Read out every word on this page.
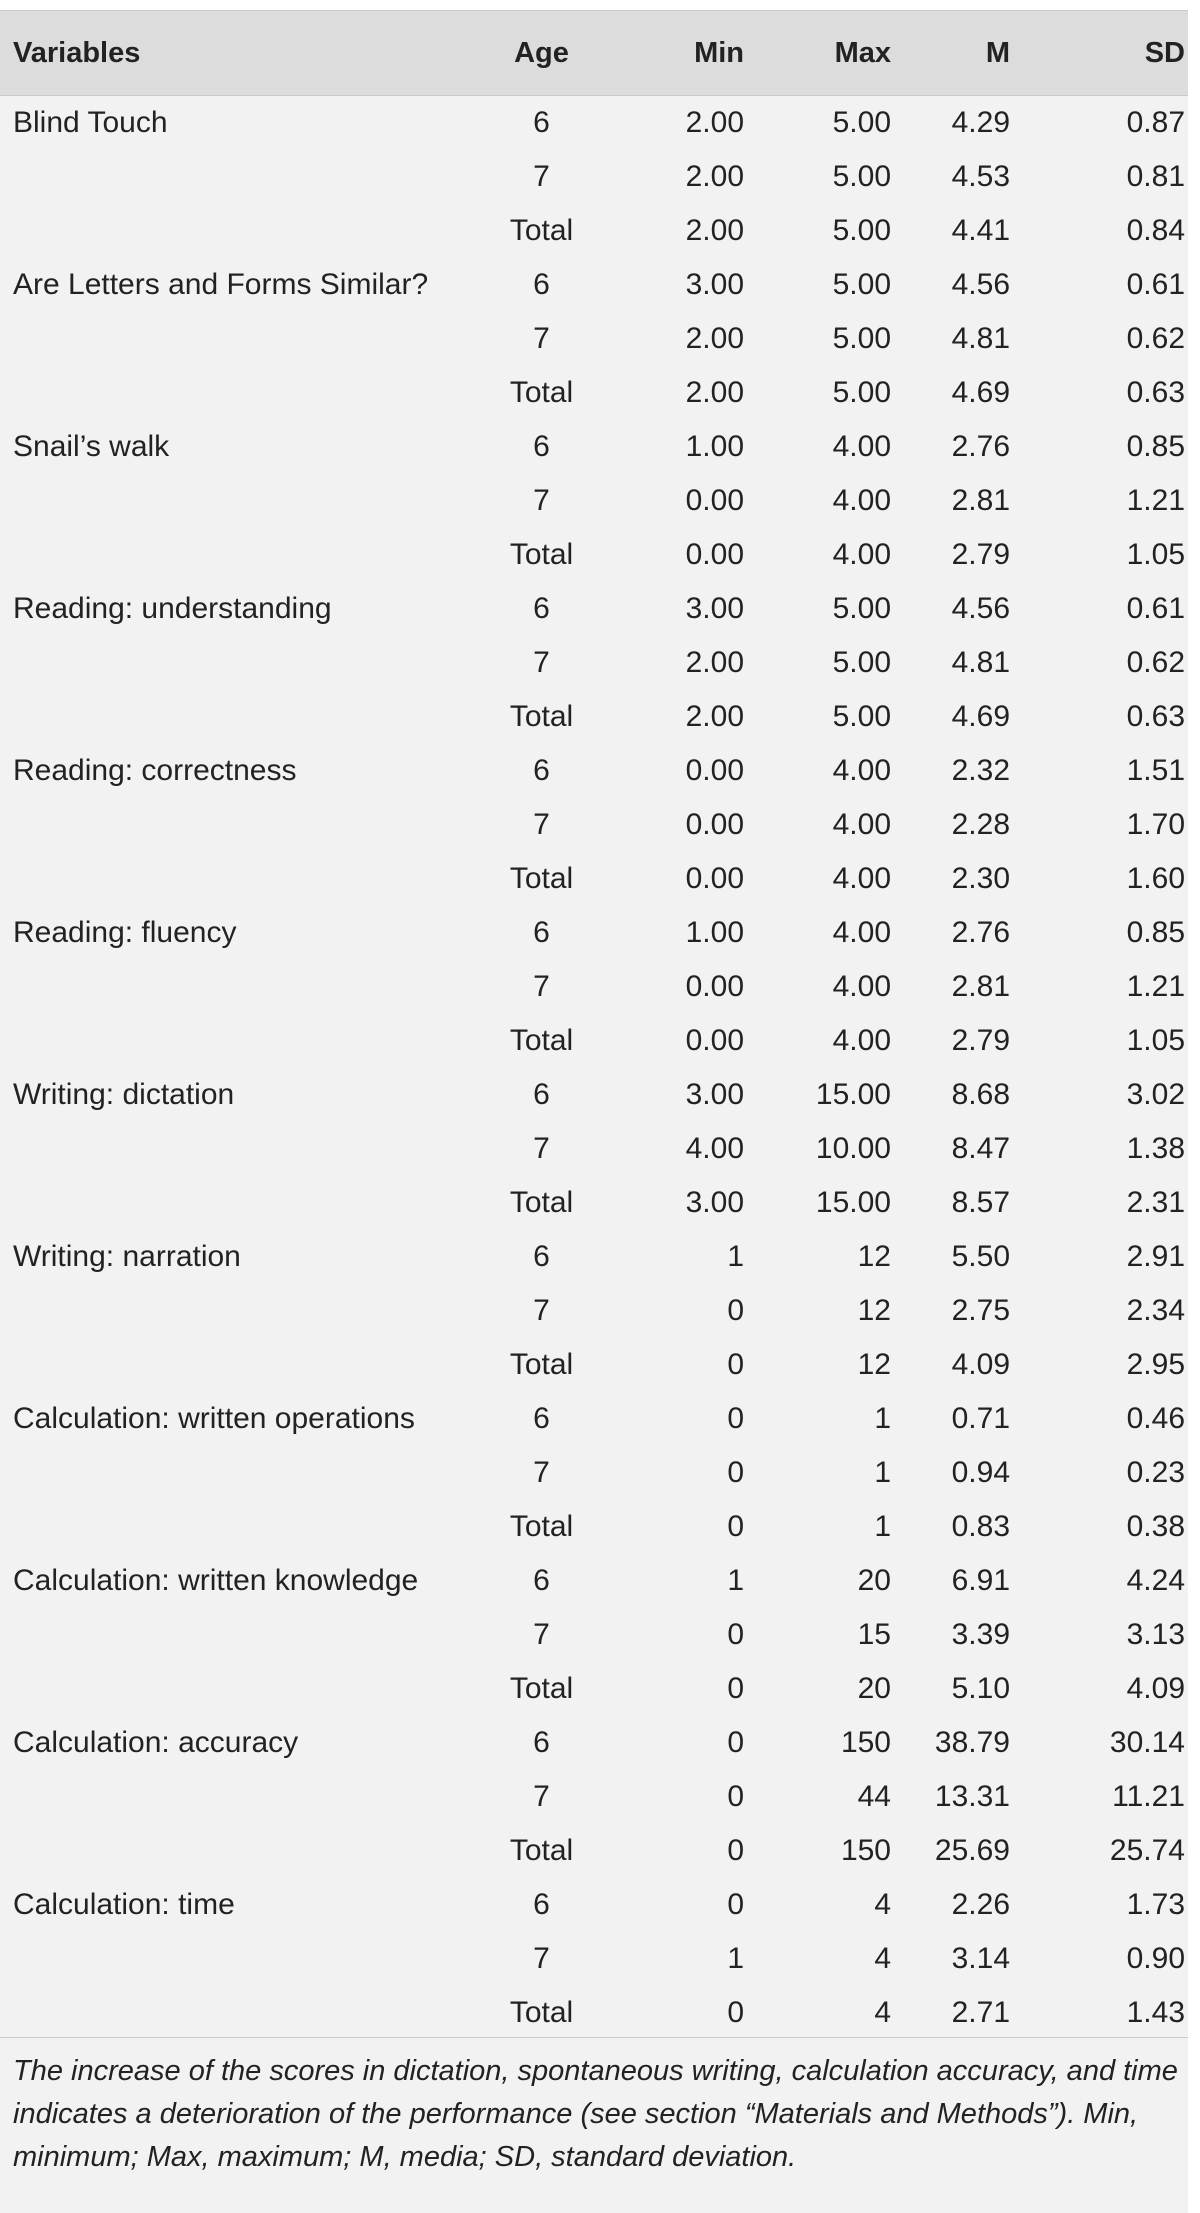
Variables	Age	Min	Max	M	SD
Blind Touch	6	2.00	5.00	4.29	0.87
	7	2.00	5.00	4.53	0.81
	Total	2.00	5.00	4.41	0.84
Are Letters and Forms Similar?	6	3.00	5.00	4.56	0.61
	7	2.00	5.00	4.81	0.62
	Total	2.00	5.00	4.69	0.63
Snail’s walk	6	1.00	4.00	2.76	0.85
	7	0.00	4.00	2.81	1.21
	Total	0.00	4.00	2.79	1.05
Reading: understanding	6	3.00	5.00	4.56	0.61
	7	2.00	5.00	4.81	0.62
	Total	2.00	5.00	4.69	0.63
Reading: correctness	6	0.00	4.00	2.32	1.51
	7	0.00	4.00	2.28	1.70
	Total	0.00	4.00	2.30	1.60
Reading: fluency	6	1.00	4.00	2.76	0.85
	7	0.00	4.00	2.81	1.21
	Total	0.00	4.00	2.79	1.05
Writing: dictation	6	3.00	15.00	8.68	3.02
	7	4.00	10.00	8.47	1.38
	Total	3.00	15.00	8.57	2.31
Writing: narration	6	1	12	5.50	2.91
	7	0	12	2.75	2.34
	Total	0	12	4.09	2.95
Calculation: written operations	6	0	1	0.71	0.46
	7	0	1	0.94	0.23
	Total	0	1	0.83	0.38
Calculation: written knowledge	6	1	20	6.91	4.24
	7	0	15	3.39	3.13
	Total	0	20	5.10	4.09
Calculation: accuracy	6	0	150	38.79	30.14
	7	0	44	13.31	11.21
	Total	0	150	25.69	25.74
Calculation: time	6	0	4	2.26	1.73
	7	1	4	3.14	0.90
	Total	0	4	2.71	1.43
The increase of the scores in dictation, spontaneous writing, calculation accuracy, and time indicates a deterioration of the performance (see section “Materials and Methods”). Min, minimum; Max, maximum; M, media; SD, standard deviation.
